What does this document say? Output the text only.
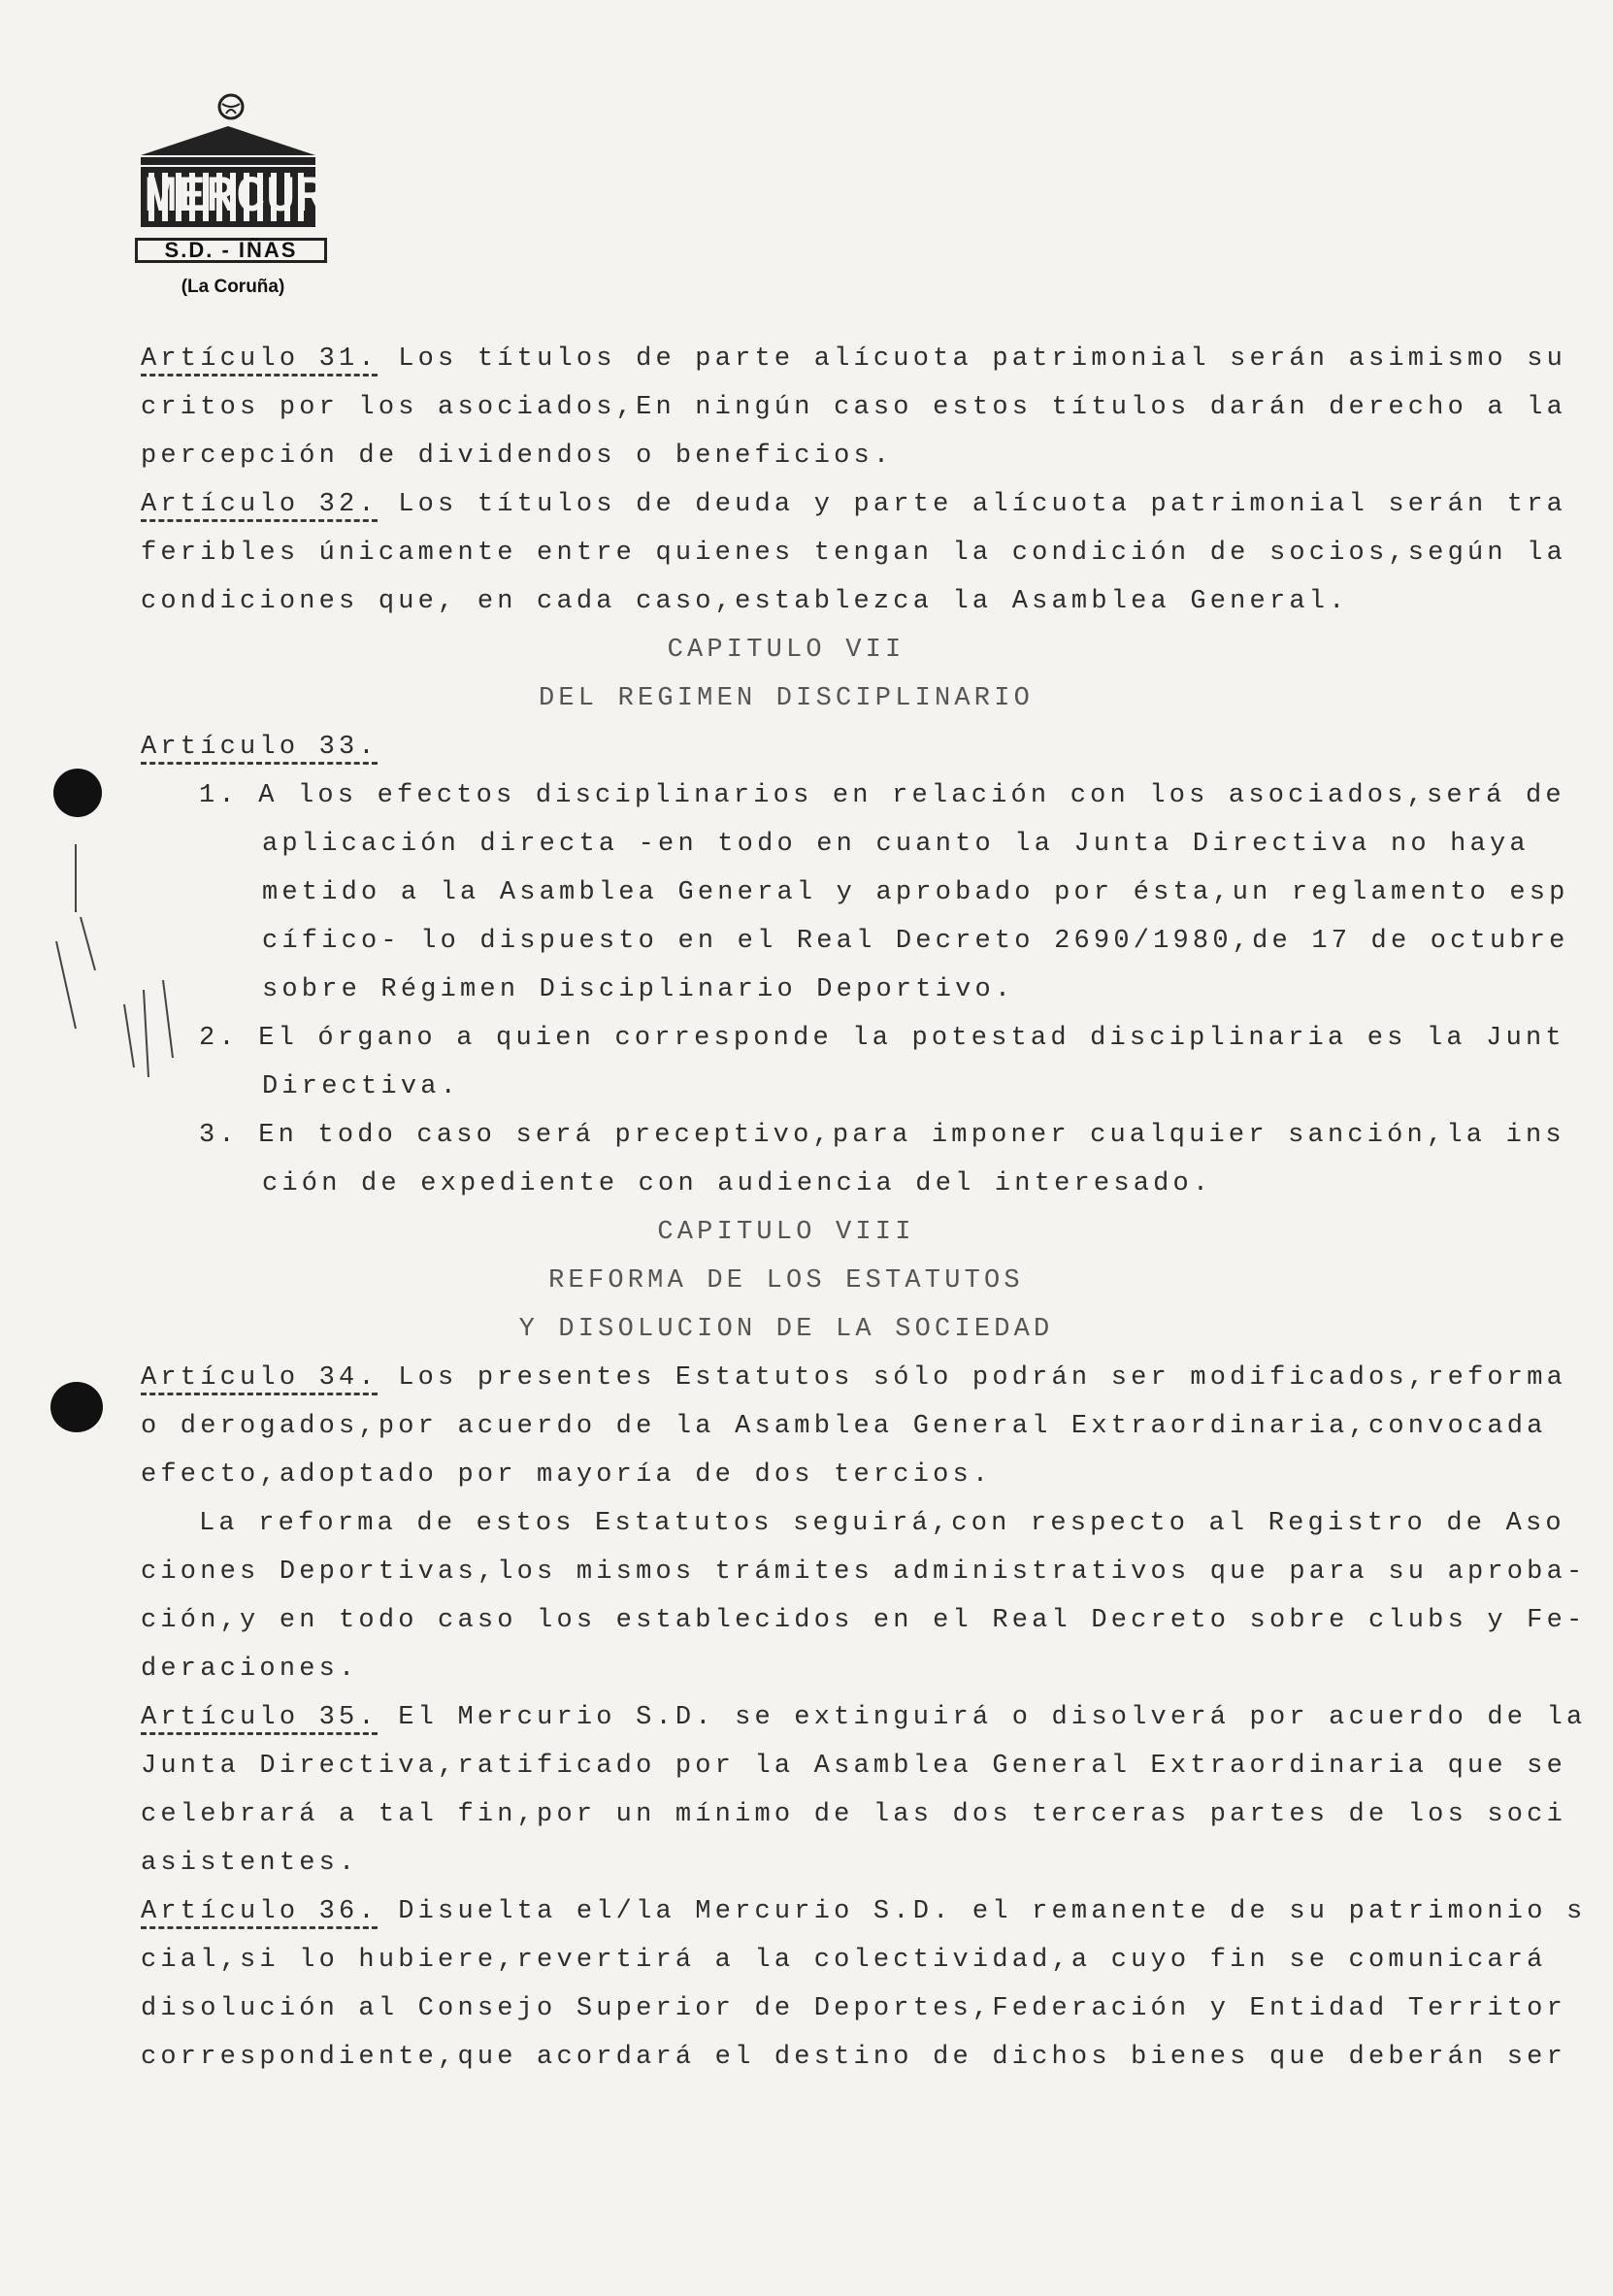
MERCURIO
S.D. - IÑAS
(La Coruña)
Artículo 31. Los títulos de parte alícuota patrimonial serán asimismo su
critos por los asociados,En ningún caso estos títulos darán derecho a la
percepción de dividendos o beneficios.
Artículo 32. Los títulos de deuda y parte alícuota patrimonial serán tra
feribles únicamente entre quienes tengan la condición de socios,según la
condiciones que, en cada caso,establezca la Asamblea General.
CAPITULO VII
DEL REGIMEN DISCIPLINARIO
Artículo 33.
1. A los efectos disciplinarios en relación con los asociados,será de
aplicación directa -en todo en cuanto la Junta Directiva no haya
metido a la Asamblea General y aprobado por ésta,un reglamento esp
cífico- lo dispuesto en el Real Decreto 2690/1980,de 17 de octubre
sobre Régimen Disciplinario Deportivo.
2. El órgano a quien corresponde la potestad disciplinaria es la Junt
Directiva.
3. En todo caso será preceptivo,para imponer cualquier sanción,la ins
ción de expediente con audiencia del interesado.
CAPITULO VIII
REFORMA DE LOS ESTATUTOS
Y DISOLUCION DE LA SOCIEDAD
Artículo 34. Los presentes Estatutos sólo podrán ser modificados,reforma
o derogados,por acuerdo de la Asamblea General Extraordinaria,convocada
efecto,adoptado por mayoría de dos tercios.
La reforma de estos Estatutos seguirá,con respecto al Registro de Aso
ciones Deportivas,los mismos trámites administrativos que para su aproba-
ción,y en todo caso los establecidos en el Real Decreto sobre clubs y Fe-
deraciones.
Artículo 35. El Mercurio S.D. se extinguirá o disolverá por acuerdo de la
Junta Directiva,ratificado por la Asamblea General Extraordinaria que se
celebrará a tal fin,por un mínimo de las dos terceras partes de los soci
asistentes.
Artículo 36. Disuelta el/la Mercurio S.D. el remanente de su patrimonio s
cial,si lo hubiere,revertirá a la colectividad,a cuyo fin se comunicará
disolución al Consejo Superior de Deportes,Federación y Entidad Territor
correspondiente,que acordará el destino de dichos bienes que deberán ser
